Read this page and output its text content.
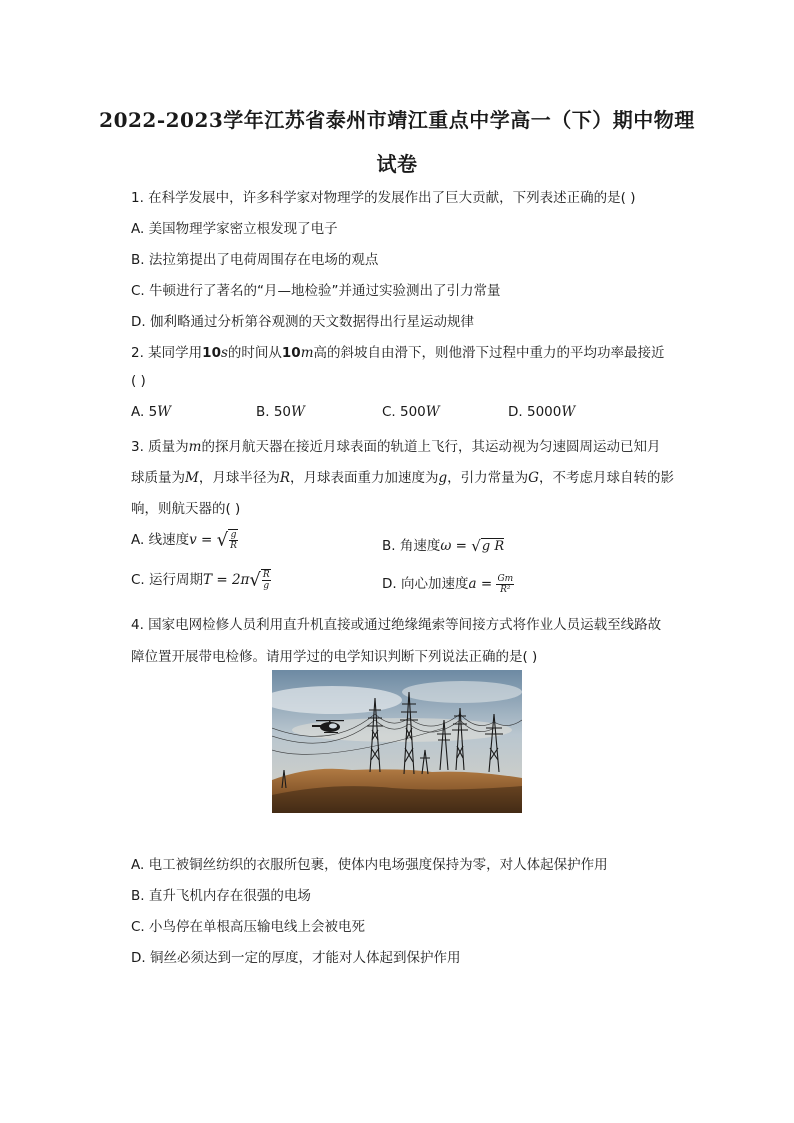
2022-2023学年江苏省泰州市靖江重点中学高一（下）期中物理
试卷
1. 在科学发展中，许多科学家对物理学的发展作出了巨大贡献，下列表述正确的是( )
A. 美国物理学家密立根发现了电子
B. 法拉第提出了电荷周围存在电场的观点
C. 牛顿进行了著名的“月—地检验”并通过实验测出了引力常量
D. 伽利略通过分析第谷观测的天文数据得出行星运动规律
2. 某同学用10s的时间从10m高的斜坡自由滑下，则他滑下过程中重力的平均功率最接近
( )
A. 5W	B. 50W	C. 500W	D. 5000W
3. 质量为m的探月航天器在接近月球表面的轨道上飞行，其运动视为匀速圆周运动已知月
球质量为M，月球半径为R，月球表面重力加速度为g，引力常量为G，不考虑月球自转的影
响，则航天器的( )
A. 线速度v = √ $\frac{g}{R}$	B. 角速度ω = √g R
C. 运行周期$T = 2\pi√ \frac{R}{g}$	D. 向心加速度$a = \frac{Gm}{\text{R²}}$
4. 国家电网检修人员利用直升机直接或通过绝缘绳索等间接方式将作业人员运载至线路故
障位置开展带电检修。请用学过的电学知识判断下列说法正确的是( )
A. 电工被铜丝纺织的衣服所包裹，使体内电场强度保持为零，对人体起保护作用
B. 直升飞机内存在很强的电场
C. 小鸟停在单根高压输电线上会被电死
D. 铜丝必须达到一定的厚度，才能对人体起到保护作用
